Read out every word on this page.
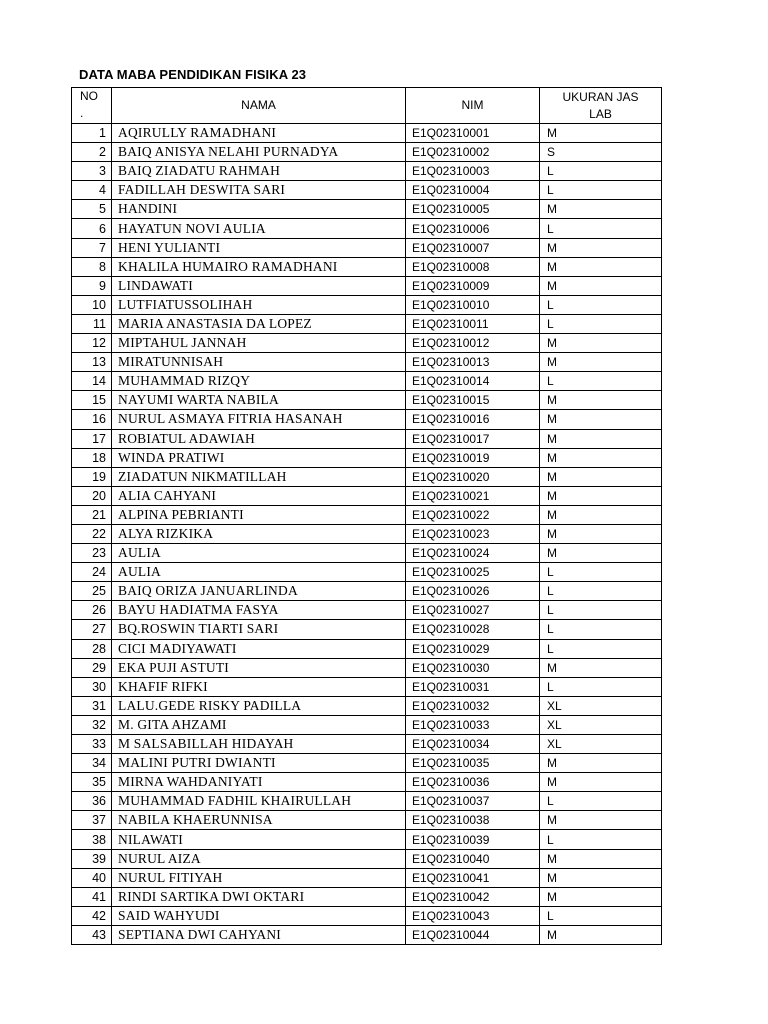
DATA MABA PENDIDIKAN FISIKA 23
NO
.	NAMA	NIM	UKURAN JAS
LAB

1	AQIRULLY RAMADHANI	E1Q02310001	M
2	BAIQ ANISYA NELAHI PURNADYA	E1Q02310002	S
3	BAIQ ZIADATU RAHMAH	E1Q02310003	L
4	FADILLAH DESWITA SARI	E1Q02310004	L
5	HANDINI	E1Q02310005	M
6	HAYATUN NOVI AULIA	E1Q02310006	L
7	HENI YULIANTI	E1Q02310007	M
8	KHALILA HUMAIRO RAMADHANI	E1Q02310008	M
9	LINDAWATI	E1Q02310009	M
10	LUTFIATUSSOLIHAH	E1Q02310010	L
11	MARIA ANASTASIA DA LOPEZ	E1Q02310011	L
12	MIPTAHUL JANNAH	E1Q02310012	M
13	MIRATUNNISAH	E1Q02310013	M
14	MUHAMMAD RIZQY	E1Q02310014	L
15	NAYUMI WARTA NABILA	E1Q02310015	M
16	NURUL ASMAYA FITRIA HASANAH	E1Q02310016	M
17	ROBIATUL ADAWIAH	E1Q02310017	M
18	WINDA PRATIWI	E1Q02310019	M
19	ZIADATUN NIKMATILLAH	E1Q02310020	M
20	ALIA CAHYANI	E1Q02310021	M
21	ALPINA PEBRIANTI	E1Q02310022	M
22	ALYA RIZKIKA	E1Q02310023	M
23	AULIA	E1Q02310024	M
24	AULIA	E1Q02310025	L
25	BAIQ ORIZA JANUARLINDA	E1Q02310026	L
26	BAYU HADIATMA FASYA	E1Q02310027	L
27	BQ.ROSWIN TIARTI SARI	E1Q02310028	L
28	CICI MADIYAWATI	E1Q02310029	L
29	EKA PUJI ASTUTI	E1Q02310030	M
30	KHAFIF RIFKI	E1Q02310031	L
31	LALU.GEDE RISKY PADILLA	E1Q02310032	XL
32	M. GITA AHZAMI	E1Q02310033	XL
33	M SALSABILLAH HIDAYAH	E1Q02310034	XL
34	MALINI PUTRI DWIANTI	E1Q02310035	M
35	MIRNA WAHDANIYATI	E1Q02310036	M
36	MUHAMMAD FADHIL KHAIRULLAH	E1Q02310037	L
37	NABILA KHAERUNNISA	E1Q02310038	M
38	NILAWATI	E1Q02310039	L
39	NURUL AIZA	E1Q02310040	M
40	NURUL FITIYAH	E1Q02310041	M
41	RINDI SARTIKA DWI OKTARI	E1Q02310042	M
42	SAID WAHYUDI	E1Q02310043	L
43	SEPTIANA DWI CAHYANI	E1Q02310044	M
